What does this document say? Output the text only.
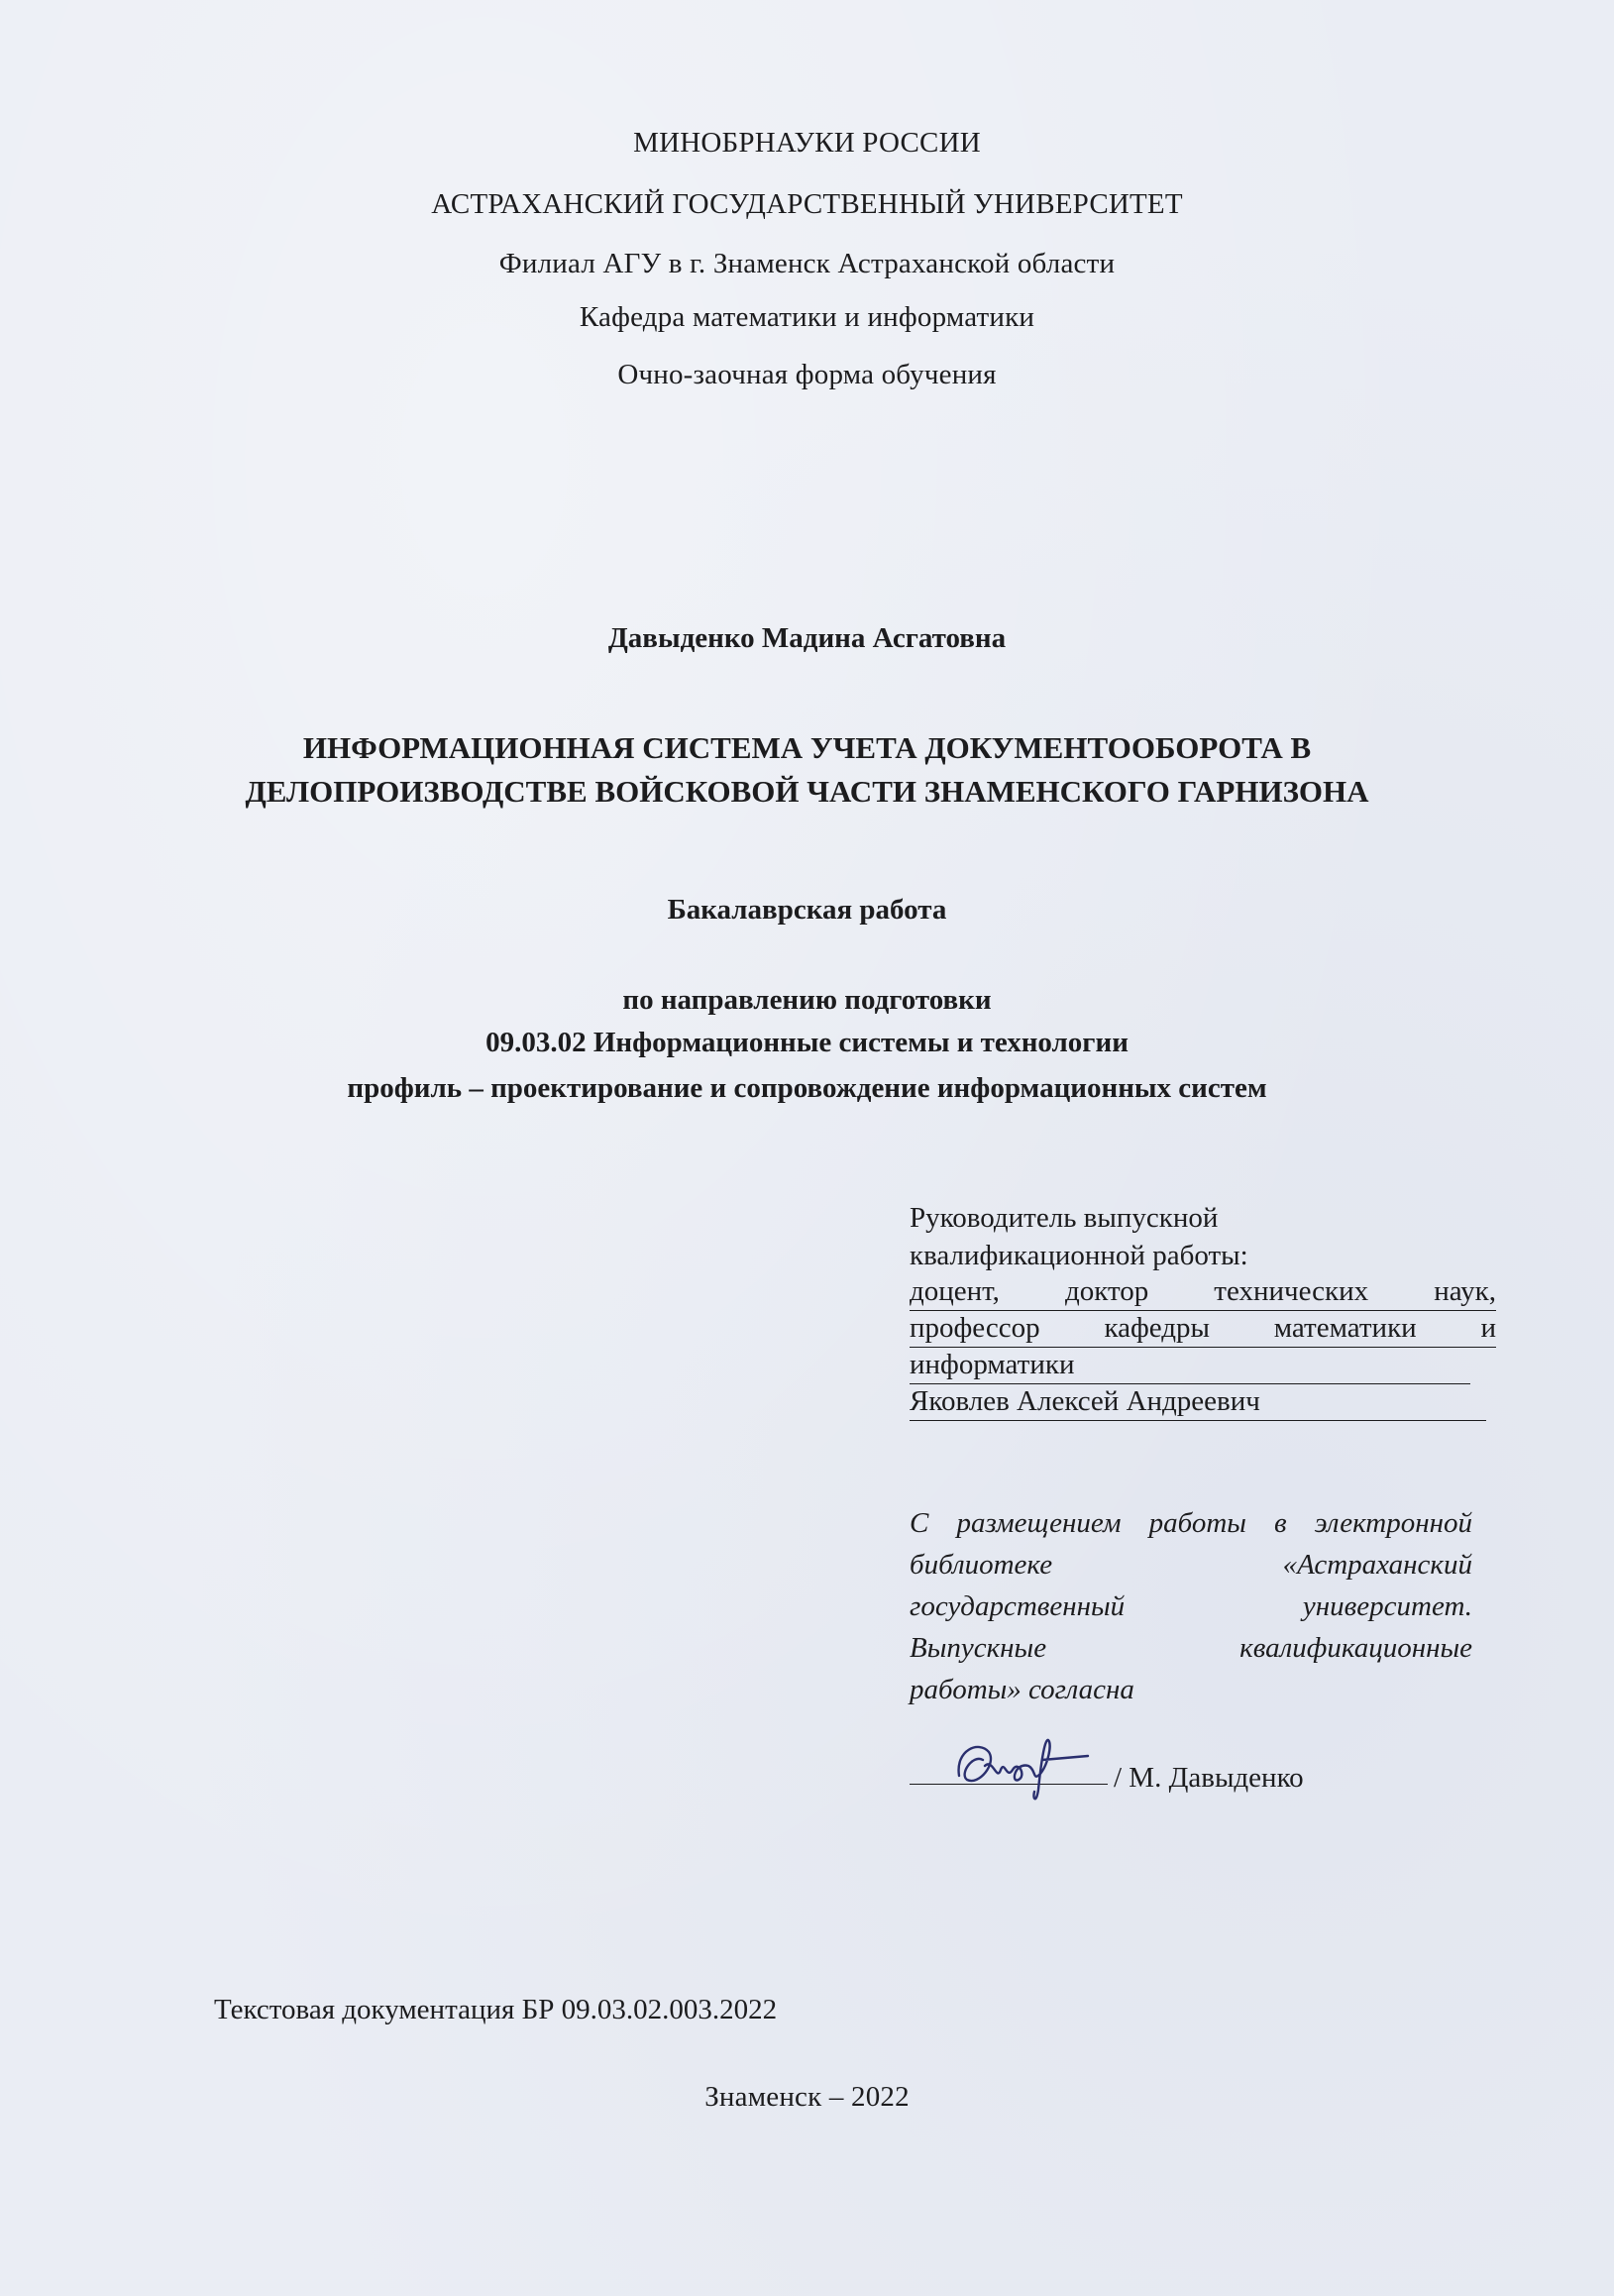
МИНОБРНАУКИ РОССИИ
АСТРАХАНСКИЙ ГОСУДАРСТВЕННЫЙ УНИВЕРСИТЕТ
Филиал АГУ в г. Знаменск Астраханской области
Кафедра математики и информатики
Очно-заочная форма обучения
Давыденко Мадина Асгатовна
ИНФОРМАЦИОННАЯ СИСТЕМА УЧЕТА ДОКУМЕНТООБОРОТА В
ДЕЛОПРОИЗВОДСТВЕ ВОЙСКОВОЙ ЧАСТИ ЗНАМЕНСКОГО ГАРНИЗОНА
Бакалаврская работа
по направлению подготовки
09.03.02 Информационные системы и технологии
профиль – проектирование и сопровождение информационных систем
Руководитель выпускной
квалификационной работы:
доцент, доктор технических наук,
профессор кафедры математики и
информатики
Яковлев Алексей Андреевич
С размещением работы в электронной
библиотеке «Астраханский
государственный университет.
Выпускные квалификационные
работы» согласна
/ М. Давыденко
Текстовая документация БР 09.03.02.003.2022
Знаменск – 2022
